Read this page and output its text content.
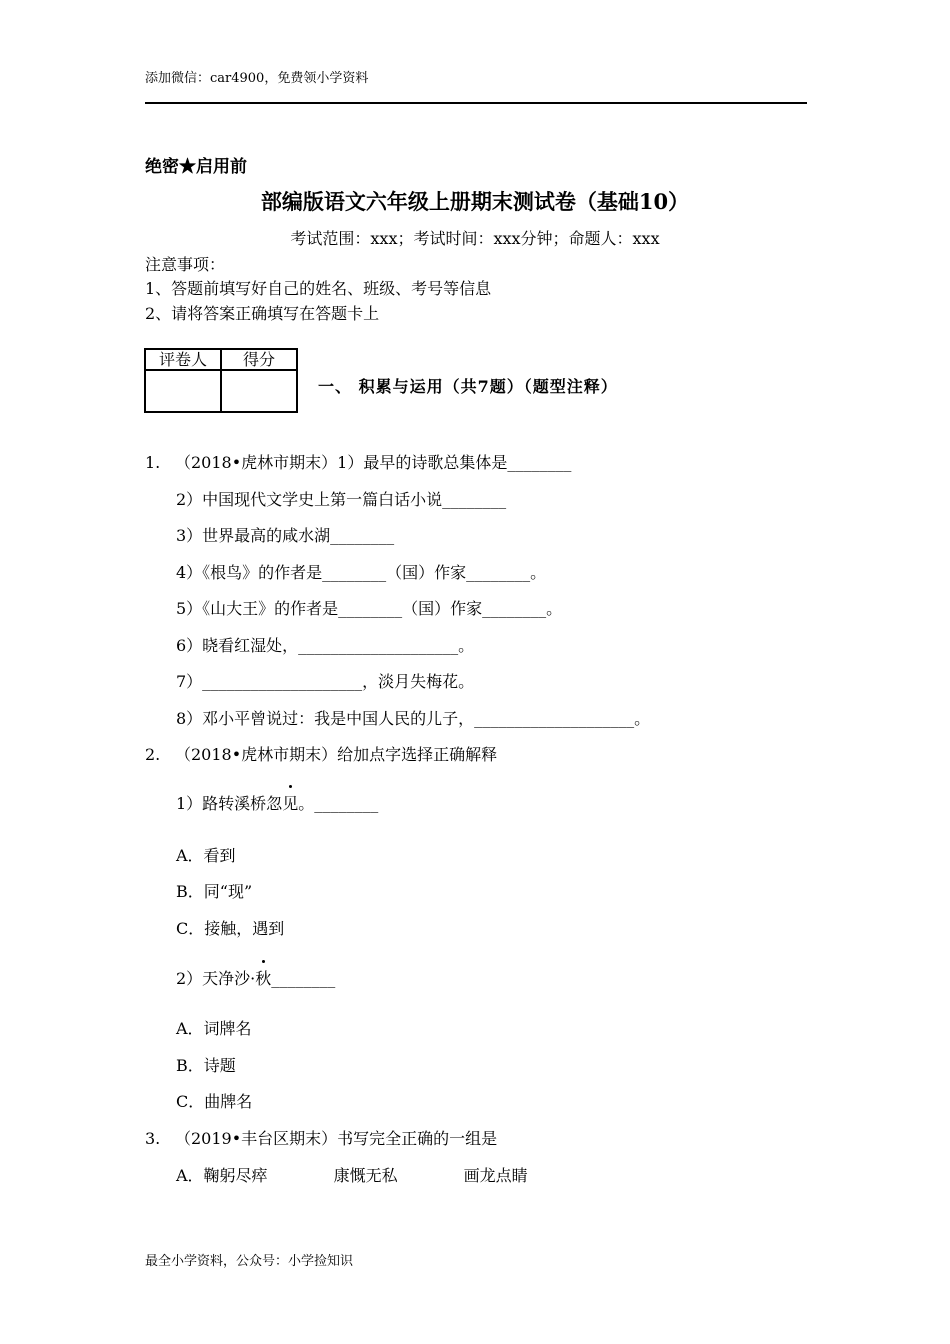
添加微信：car4900，免费领小学资料
绝密★启用前
部编版语文六年级上册期末测试卷（基础10）
考试范围：xxx；考试时间：xxx分钟；命题人：xxx
注意事项：
1、答题前填写好自己的姓名、班级、考号等信息
2、请将答案正确填写在答题卡上
评卷人	得分

一、 积累与运用（共7题）（题型注释）
1. （2018•虎林市期末）1）最早的诗歌总集体是________
2）中国现代文学史上第一篇白话小说________
3）世界最高的咸水湖________
4）《根鸟》的作者是________（国）作家________。
5）《山大王》的作者是________（国）作家________。
6）晓看红湿处，____________________。
7）____________________，淡月失梅花。
8）邓小平曾说过：我是中国人民的儿子，____________________。
2. （2018•虎林市期末）给加点字选择正确解释
1）路转溪桥忽见。________
A．看到
B．同“现”
C．接触，遇到
2）天净沙·秋________
A．词牌名
B．诗题
C．曲牌名
3. （2019•丰台区期末）书写完全正确的一组是
A．鞠躬尽瘁	康慨无私	画龙点睛
最全小学资料，公众号：小学捡知识
